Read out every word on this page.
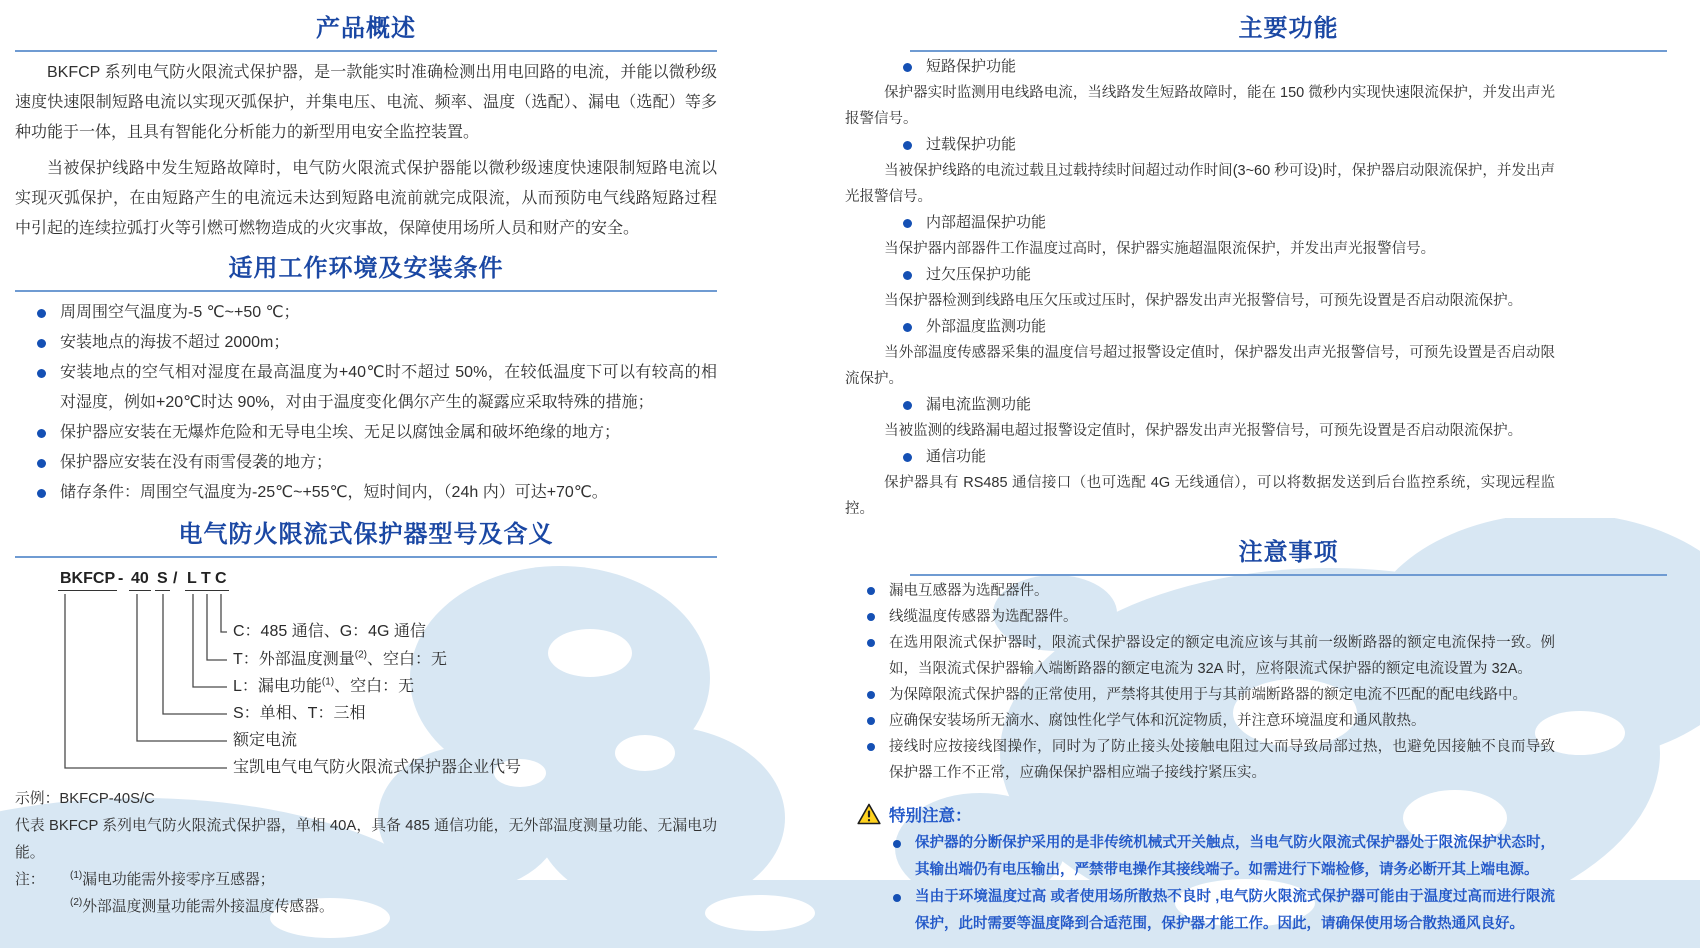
产品概述

BKFCP 系列电气防火限流式保护器，是一款能实时准确检测出用电回路的电流，并能以微秒级速度快速限制短路电流以实现灭弧保护，并集电压、电流、频率、温度（选配）、漏电（选配）等多种功能于一体，且具有智能化分析能力的新型用电安全监控装置。

当被保护线路中发生短路故障时，电气防火限流式保护器能以微秒级速度快速限制短路电流以实现灭弧保护，在由短路产生的电流远未达到短路电流前就完成限流，从而预防电气线路短路过程中引起的连续拉弧打火等引燃可燃物造成的火灾事故，保障使用场所人员和财产的安全。

适用工作环境及安装条件
周周围空气温度为-5 ℃~+50 ℃；
安装地点的海拔不超过 2000m；
安装地点的空气相对湿度在最高温度为+40℃时不超过 50%，在较低温度下可以有较高的相对湿度，例如+20℃时达 90%，对由于温度变化偶尔产生的凝露应采取特殊的措施；
保护器应安装在无爆炸危险和无导电尘埃、无足以腐蚀金属和破坏绝缘的地方；
保护器应安装在没有雨雪侵袭的地方；
储存条件：周围空气温度为-25℃~+55℃，短时间内，（24h 内）可达+70℃。
电气防火限流式保护器型号及含义
BKFCP - 40 S / L T C
C：485 通信、G：4G 通信
T：外部温度测量$^{(2)}$、空白：无
L：漏电功能$^{(1)}$、空白：无
S：单相、T：三相
额定电流
宝凯电气电气防火限流式保护器企业代号

示例：BKFCP-40S/C

代表 BKFCP 系列电气防火限流式保护器，单相 40A，具备 485 通信功能，无外部温度测量功能、无漏电功能。

注：	$^{(1)}$漏电功能需外接零序互感器；

$^{(2)}$外部温度测量功能需外接温度传感器。

主要功能
短路保护功能

保护器实时监测用电线路电流，当线路发生短路故障时，能在 150 微秒内实现快速限流保护，并发出声光报警信号。

过载保护功能

当被保护线路的电流过载且过载持续时间超过动作时间(3~60 秒可设)时，保护器启动限流保护，并发出声光报警信号。

内部超温保护功能

当保护器内部器件工作温度过高时，保护器实施超温限流保护，并发出声光报警信号。

过欠压保护功能

当保护器检测到线路电压欠压或过压时，保护器发出声光报警信号，可预先设置是否启动限流保护。

外部温度监测功能

当外部温度传感器采集的温度信号超过报警设定值时，保护器发出声光报警信号，可预先设置是否启动限流保护。

漏电流监测功能

当被监测的线路漏电超过报警设定值时，保护器发出声光报警信号，可预先设置是否启动限流保护。

通信功能

保护器具有 RS485 通信接口（也可选配 4G 无线通信），可以将数据发送到后台监控系统，实现远程监控。

注意事项
漏电互感器为选配器件。
线缆温度传感器为选配器件。
在选用限流式保护器时，限流式保护器设定的额定电流应该与其前一级断路器的额定电流保持一致。例如，当限流式保护器输入端断路器的额定电流为 32A 时，应将限流式保护器的额定电流设置为 32A。
为保障限流式保护器的正常使用，严禁将其使用于与其前端断路器的额定电流不匹配的配电线路中。
应确保安装场所无滴水、腐蚀性化学气体和沉淀物质，并注意环境温度和通风散热。
接线时应按接线图操作，同时为了防止接头处接触电阻过大而导致局部过热，也避免因接触不良而导致保护器工作不正常，应确保保护器相应端子接线拧紧压实。
特别注意：
保护器的分断保护采用的是非传统机械式开关触点，当电气防火限流式保护器处于限流保护状态时，其输出端仍有电压输出，严禁带电操作其接线端子。如需进行下端检修，请务必断开其上端电源。
当由于环境温度过高 或者使用场所散热不良时 ,电气防火限流式保护器可能由于温度过高而进行限流保护，此时需要等温度降到合适范围，保护器才能工作。因此，请确保使用场合散热通风良好。
